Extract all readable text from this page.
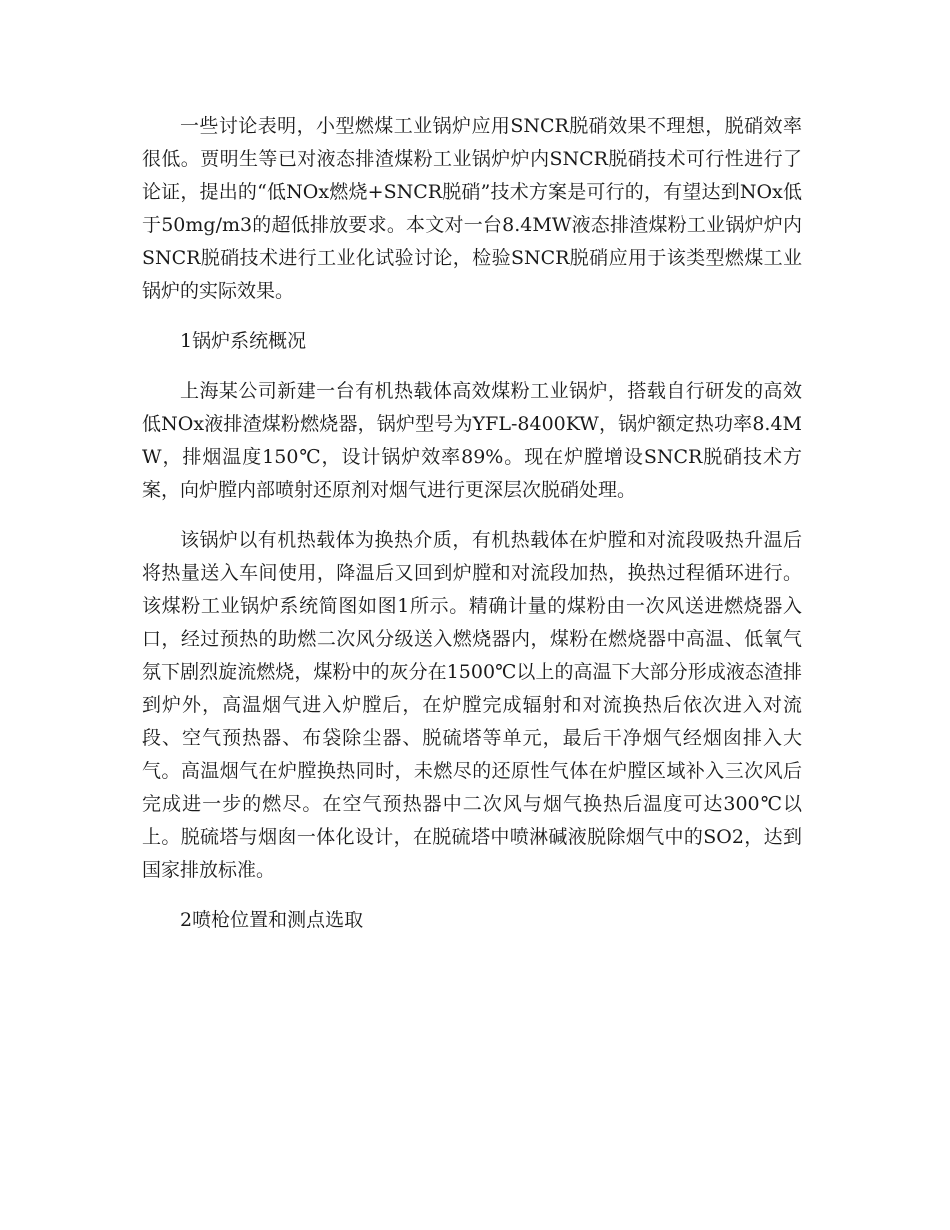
一些讨论表明，小型燃煤工业锅炉应用SNCR脱硝效果不理想，脱硝效率很低。贾明生等已对液态排渣煤粉工业锅炉炉内SNCR脱硝技术可行性进行了论证，提出的“低NOx燃烧+SNCR脱硝”技术方案是可行的，有望达到NOx低于50mg/m3的超低排放要求。本文对一台8.4MW液态排渣煤粉工业锅炉炉内SNCR脱硝技术进行工业化试验讨论，检验SNCR脱硝应用于该类型燃煤工业锅炉的实际效果。

1锅炉系统概况

上海某公司新建一台有机热载体高效煤粉工业锅炉，搭载自行研发的高效低NOx液排渣煤粉燃烧器，锅炉型号为YFL-8400KW，锅炉额定热功率8.4MW，排烟温度150℃，设计锅炉效率89%。现在炉膛增设SNCR脱硝技术方案，向炉膛内部喷射还原剂对烟气进行更深层次脱硝处理。

该锅炉以有机热载体为换热介质，有机热载体在炉膛和对流段吸热升温后将热量送入车间使用，降温后又回到炉膛和对流段加热，换热过程循环进行。该煤粉工业锅炉系统简图如图1所示。精确计量的煤粉由一次风送进燃烧器入口，经过预热的助燃二次风分级送入燃烧器内，煤粉在燃烧器中高温、低氧气氛下剧烈旋流燃烧，煤粉中的灰分在1500℃以上的高温下大部分形成液态渣排到炉外，高温烟气进入炉膛后，在炉膛完成辐射和对流换热后依次进入对流段、空气预热器、布袋除尘器、脱硫塔等单元，最后干净烟气经烟囱排入大气。高温烟气在炉膛换热同时，未燃尽的还原性气体在炉膛区域补入三次风后完成进一步的燃尽。在空气预热器中二次风与烟气换热后温度可达300℃以上。脱硫塔与烟囱一体化设计，在脱硫塔中喷淋碱液脱除烟气中的SO2，达到国家排放标准。

2喷枪位置和测点选取
